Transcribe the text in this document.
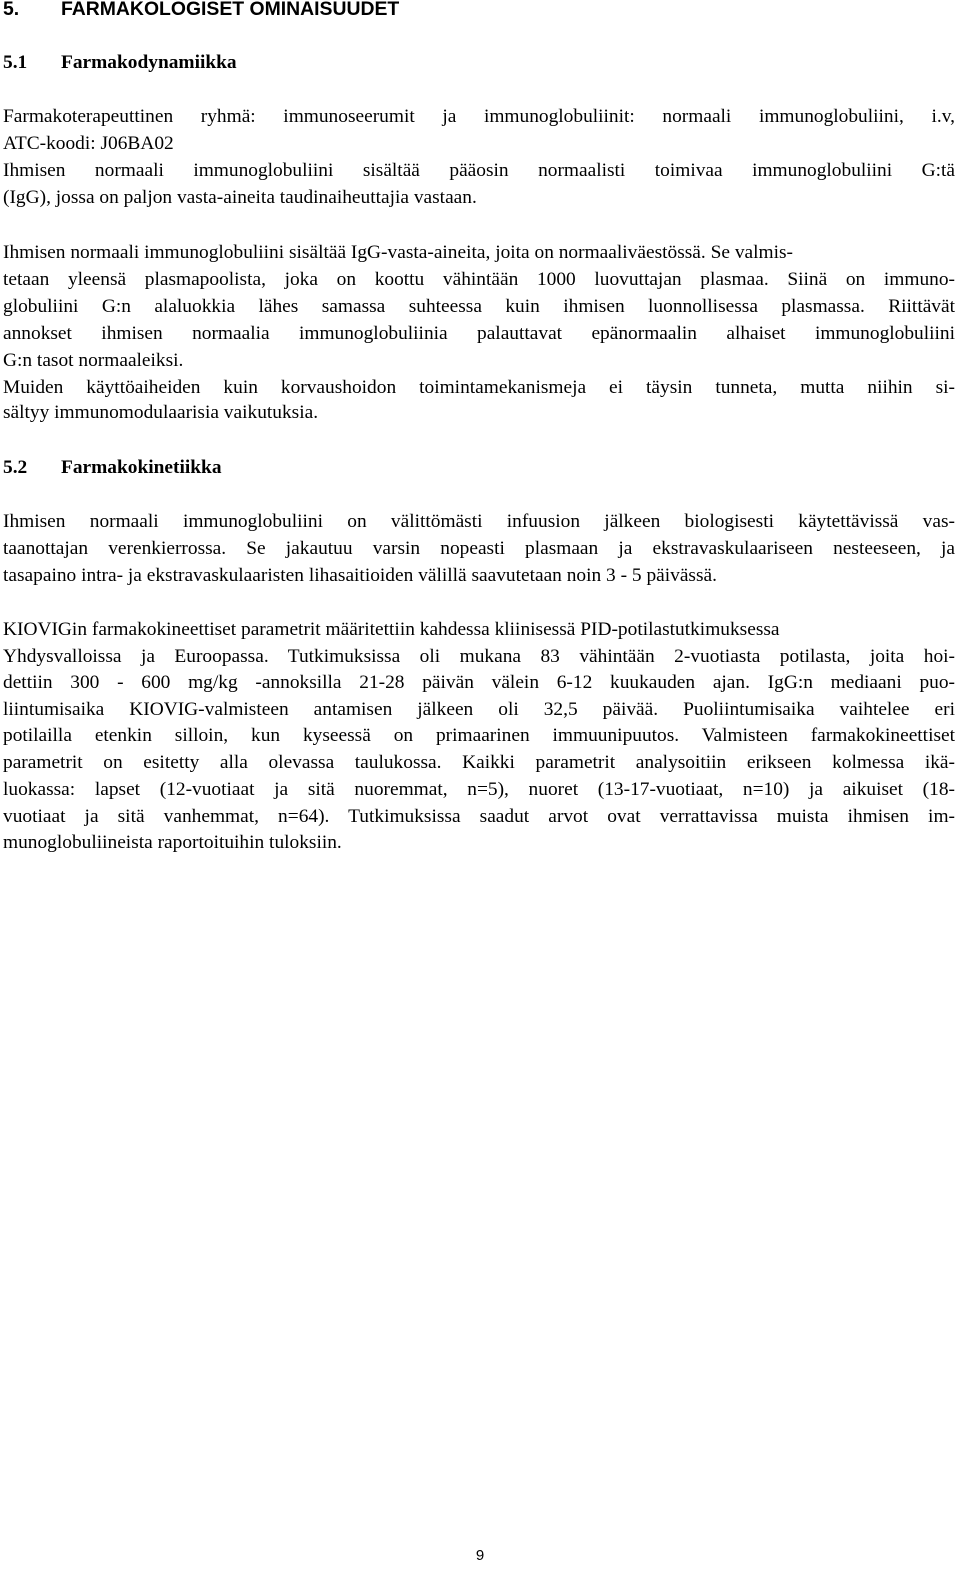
5. FARMAKOLOGISET OMINAISUUDET
5.1 Farmakodynamiikka
Farmakoterapeuttinen ryhmä: immunoseerumit ja immunoglobuliinit: normaali immunoglobuliini, i.v,
ATC-koodi: J06BA02
Ihmisen normaali immunoglobuliini sisältää pääosin normaalisti toimivaa immunoglobuliini G:tä
(IgG), jossa on paljon vasta-aineita taudinaiheuttajia vastaan.
Ihmisen normaali immunoglobuliini sisältää IgG-vasta-aineita, joita on normaaliväestössä. Se valmis-
tetaan yleensä plasmapoolista, joka on koottu vähintään 1000 luovuttajan plasmaa. Siinä on immuno-
globuliini G:n alaluokkia lähes samassa suhteessa kuin ihmisen luonnollisessa plasmassa. Riittävät
annokset ihmisen normaalia immunoglobuliinia palauttavat epänormaalin alhaiset immunoglobuliini
G:n tasot normaaleiksi.
Muiden käyttöaiheiden kuin korvaushoidon toimintamekanismeja ei täysin tunneta, mutta niihin si-
sältyy immunomodulaarisia vaikutuksia.
5.2 Farmakokinetiikka
Ihmisen normaali immunoglobuliini on välittömästi infuusion jälkeen biologisesti käytettävissä vas-
taanottajan verenkierrossa. Se jakautuu varsin nopeasti plasmaan ja ekstravaskulaariseen nesteeseen, ja
tasapaino intra- ja ekstravaskulaaristen lihasaitioiden välillä saavutetaan noin 3 - 5 päivässä.
KIOVIGin farmakokineettiset parametrit määritettiin kahdessa kliinisessä PID-potilastutkimuksessa
Yhdysvalloissa ja Euroopassa. Tutkimuksissa oli mukana 83 vähintään 2-vuotiasta potilasta, joita hoi-
dettiin 300 - 600 mg/kg -annoksilla 21-28 päivän välein 6-12 kuukauden ajan. IgG:n mediaani puo-
liintumisaika KIOVIG-valmisteen antamisen jälkeen oli 32,5 päivää. Puoliintumisaika vaihtelee eri
potilailla etenkin silloin, kun kyseessä on primaarinen immuunipuutos. Valmisteen farmakokineettiset
parametrit on esitetty alla olevassa taulukossa. Kaikki parametrit analysoitiin erikseen kolmessa ikä-
luokassa: lapset (12-vuotiaat ja sitä nuoremmat, n=5), nuoret (13-17-vuotiaat, n=10) ja aikuiset (18-
vuotiaat ja sitä vanhemmat, n=64). Tutkimuksissa saadut arvot ovat verrattavissa muista ihmisen im-
munoglobuliineista raportoituihin tuloksiin.
9
